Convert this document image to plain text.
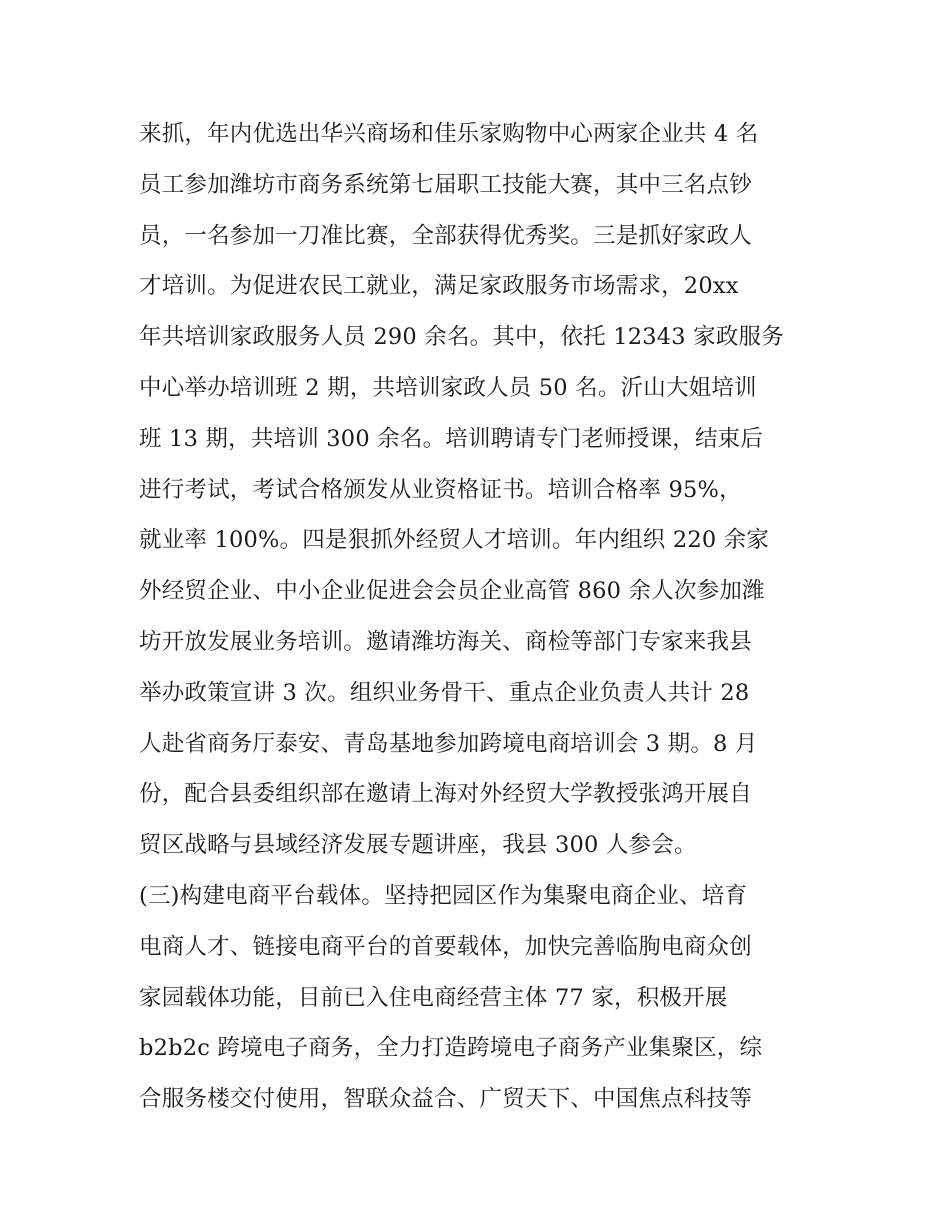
来抓，年内优选出华兴商场和佳乐家购物中心两家企业共 4 名
员工参加潍坊市商务系统第七届职工技能大赛，其中三名点钞
员，一名参加一刀准比赛，全部获得优秀奖。三是抓好家政人
才培训。为促进农民工就业，满足家政服务市场需求，20xx
年共培训家政服务人员 290 余名。其中，依托 12343 家政服务
中心举办培训班 2 期，共培训家政人员 50 名。沂山大姐培训
班 13 期，共培训 300 余名。培训聘请专门老师授课，结束后
进行考试，考试合格颁发从业资格证书。培训合格率 95%，
就业率 100%。四是狠抓外经贸人才培训。年内组织 220 余家
外经贸企业、中小企业促进会会员企业高管 860 余人次参加潍
坊开放发展业务培训。邀请潍坊海关、商检等部门专家来我县
举办政策宣讲 3 次。组织业务骨干、重点企业负责人共计 28
人赴省商务厅泰安、青岛基地参加跨境电商培训会 3 期。8 月
份，配合县委组织部在邀请上海对外经贸大学教授张鸿开展自
贸区战略与县域经济发展专题讲座，我县 300 人参会。
(三)构建电商平台载体。坚持把园区作为集聚电商企业、培育
电商人才、链接电商平台的首要载体，加快完善临朐电商众创
家园载体功能，目前已入住电商经营主体 77 家，积极开展
b2b2c 跨境电子商务，全力打造跨境电子商务产业集聚区，综
合服务楼交付使用，智联众益合、广贸天下、中国焦点科技等
